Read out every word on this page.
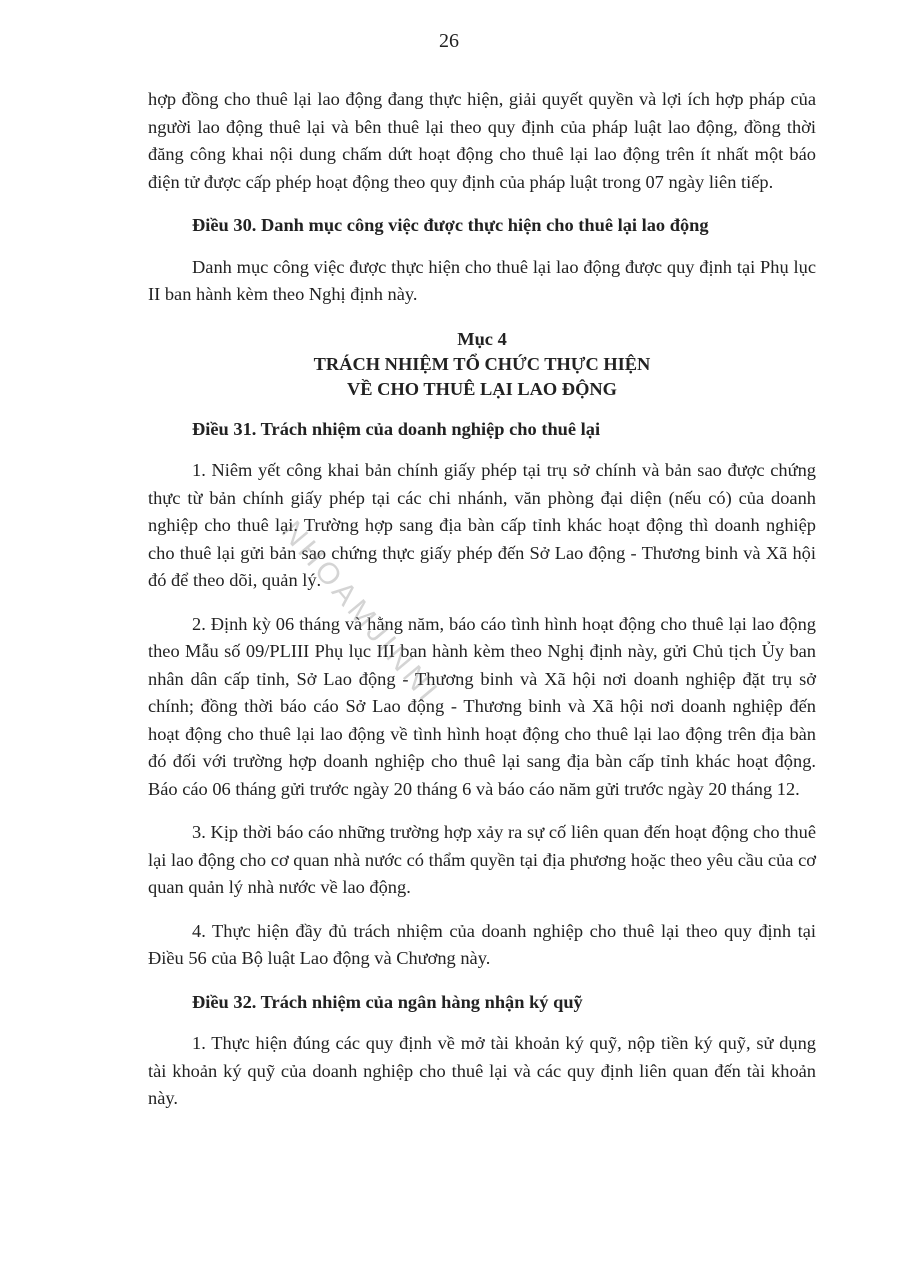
26

hợp đồng cho thuê lại lao động đang thực hiện, giải quyết quyền và lợi ích hợp pháp của người lao động thuê lại và bên thuê lại theo quy định của pháp luật lao động, đồng thời đăng công khai nội dung chấm dứt hoạt động cho thuê lại lao động trên ít nhất một báo điện tử được cấp phép hoạt động theo quy định của pháp luật trong 07 ngày liên tiếp.

Điều 30. Danh mục công việc được thực hiện cho thuê lại lao động

Danh mục công việc được thực hiện cho thuê lại lao động được quy định tại Phụ lục II ban hành kèm theo Nghị định này.

Mục 4
TRÁCH NHIỆM TỔ CHỨC THỰC HIỆN
VỀ CHO THUÊ LẠI LAO ĐỘNG

Điều 31. Trách nhiệm của doanh nghiệp cho thuê lại

1. Niêm yết công khai bản chính giấy phép tại trụ sở chính và bản sao được chứng thực từ bản chính giấy phép tại các chi nhánh, văn phòng đại diện (nếu có) của doanh nghiệp cho thuê lại. Trường hợp sang địa bàn cấp tỉnh khác hoạt động thì doanh nghiệp cho thuê lại gửi bản sao chứng thực giấy phép đến Sở Lao động - Thương binh và Xã hội đó để theo dõi, quản lý.

2. Định kỳ 06 tháng và hằng năm, báo cáo tình hình hoạt động cho thuê lại lao động theo Mẫu số 09/PLIII Phụ lục III ban hành kèm theo Nghị định này, gửi Chủ tịch Ủy ban nhân dân cấp tỉnh, Sở Lao động - Thương binh và Xã hội nơi doanh nghiệp đặt trụ sở chính; đồng thời báo cáo Sở Lao động - Thương binh và Xã hội nơi doanh nghiệp đến hoạt động cho thuê lại lao động về tình hình hoạt động cho thuê lại lao động trên địa bàn đó đối với trường hợp doanh nghiệp cho thuê lại sang địa bàn cấp tỉnh khác hoạt động. Báo cáo 06 tháng gửi trước ngày 20 tháng 6 và báo cáo năm gửi trước ngày 20 tháng 12.

3. Kịp thời báo cáo những trường hợp xảy ra sự cố liên quan đến hoạt động cho thuê lại lao động cho cơ quan nhà nước có thẩm quyền tại địa phương hoặc theo yêu cầu của cơ quan quản lý nhà nước về lao động.

4. Thực hiện đầy đủ trách nhiệm của doanh nghiệp cho thuê lại theo quy định tại Điều 56 của Bộ luật Lao động và Chương này.

Điều 32. Trách nhiệm của ngân hàng nhận ký quỹ

1. Thực hiện đúng các quy định về mở tài khoản ký quỹ, nộp tiền ký quỹ, sử dụng tài khoản ký quỹ của doanh nghiệp cho thuê lại và các quy định liên quan đến tài khoản này.

NHOAMJINNI
